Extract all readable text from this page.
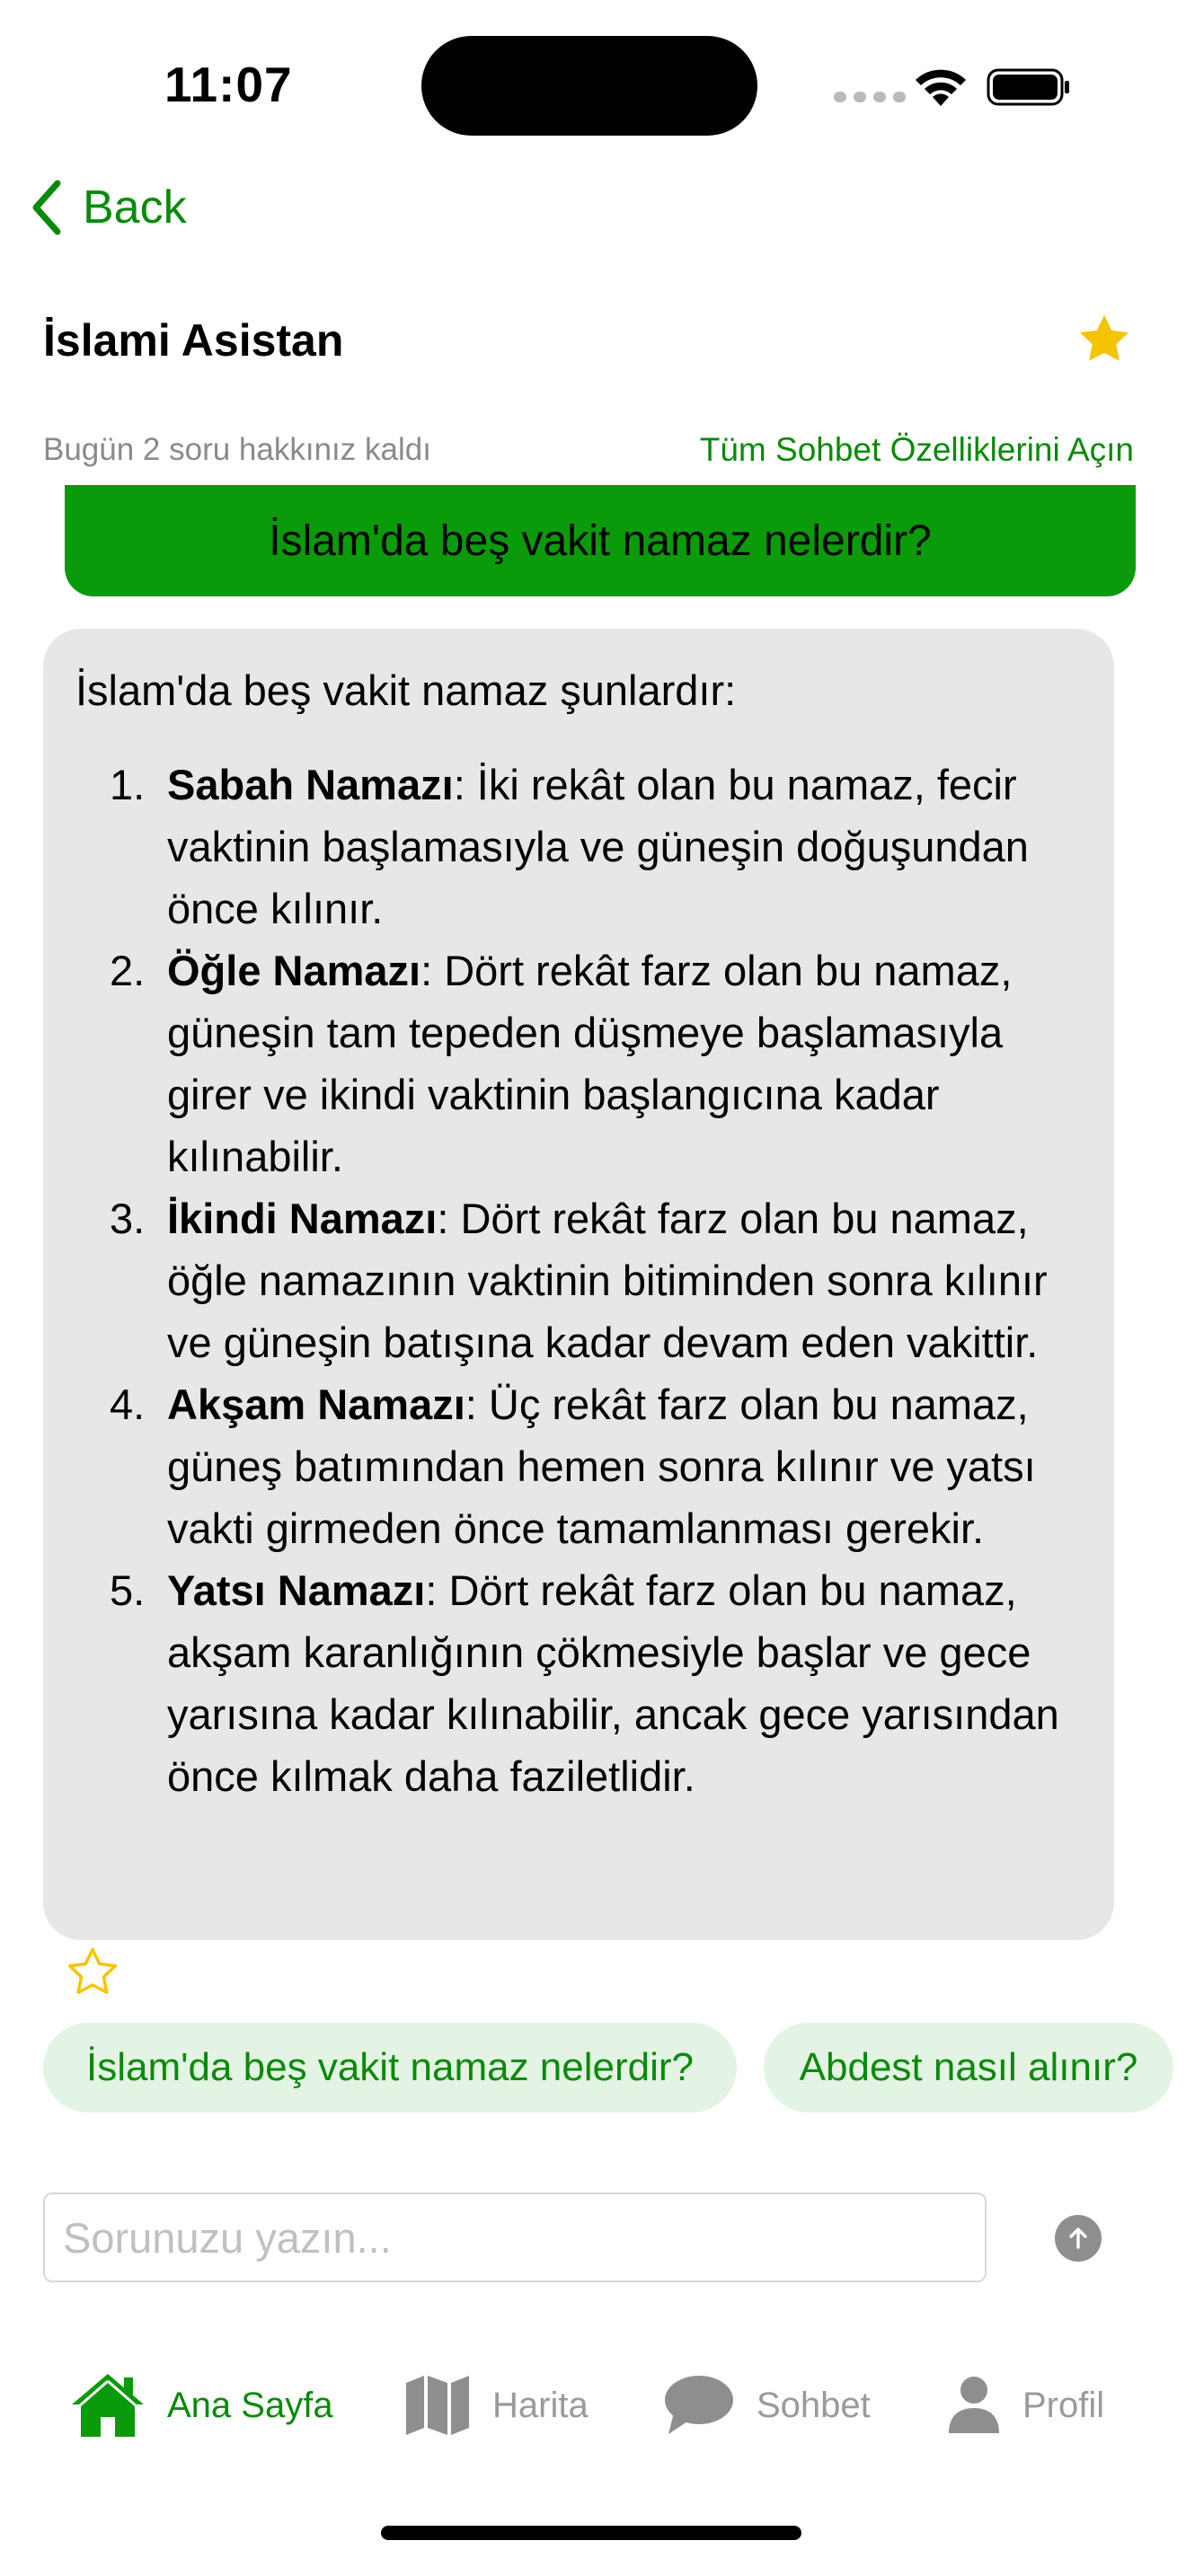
11:07
Back
İslami Asistan
Bugün 2 soru hakkınız kaldı	Tüm Sohbet Özelliklerini Açın
İslam'da beş vakit namaz nelerdir?
İslam'da beş vakit namaz şunlardır:
1. Sabah Namazı: İki rekât olan bu namaz, fecir vaktinin başlamasıyla ve güneşin doğuşundan önce kılınır.
2. Öğle Namazı: Dört rekât farz olan bu namaz, güneşin tam tepeden düşmeye başlamasıyla girer ve ikindi vaktinin başlangıcına kadar kılınabilir.
3. İkindi Namazı: Dört rekât farz olan bu namaz, öğle namazının vaktinin bitiminden sonra kılınır ve güneşin batışına kadar devam eden vakittir.
4. Akşam Namazı: Üç rekât farz olan bu namaz, güneş batımından hemen sonra kılınır ve yatsı vakti girmeden önce tamamlanması gerekir.
5. Yatsı Namazı: Dört rekât farz olan bu namaz, akşam karanlığının çökmesiyle başlar ve gece yarısına kadar kılınabilir, ancak gece yarısından önce kılmak daha faziletlidir.
İslam'da beş vakit namaz nelerdir?	Abdest nasıl alınır?
Sorunuzu yazın...
Ana Sayfa	Harita	Sohbet	Profil
